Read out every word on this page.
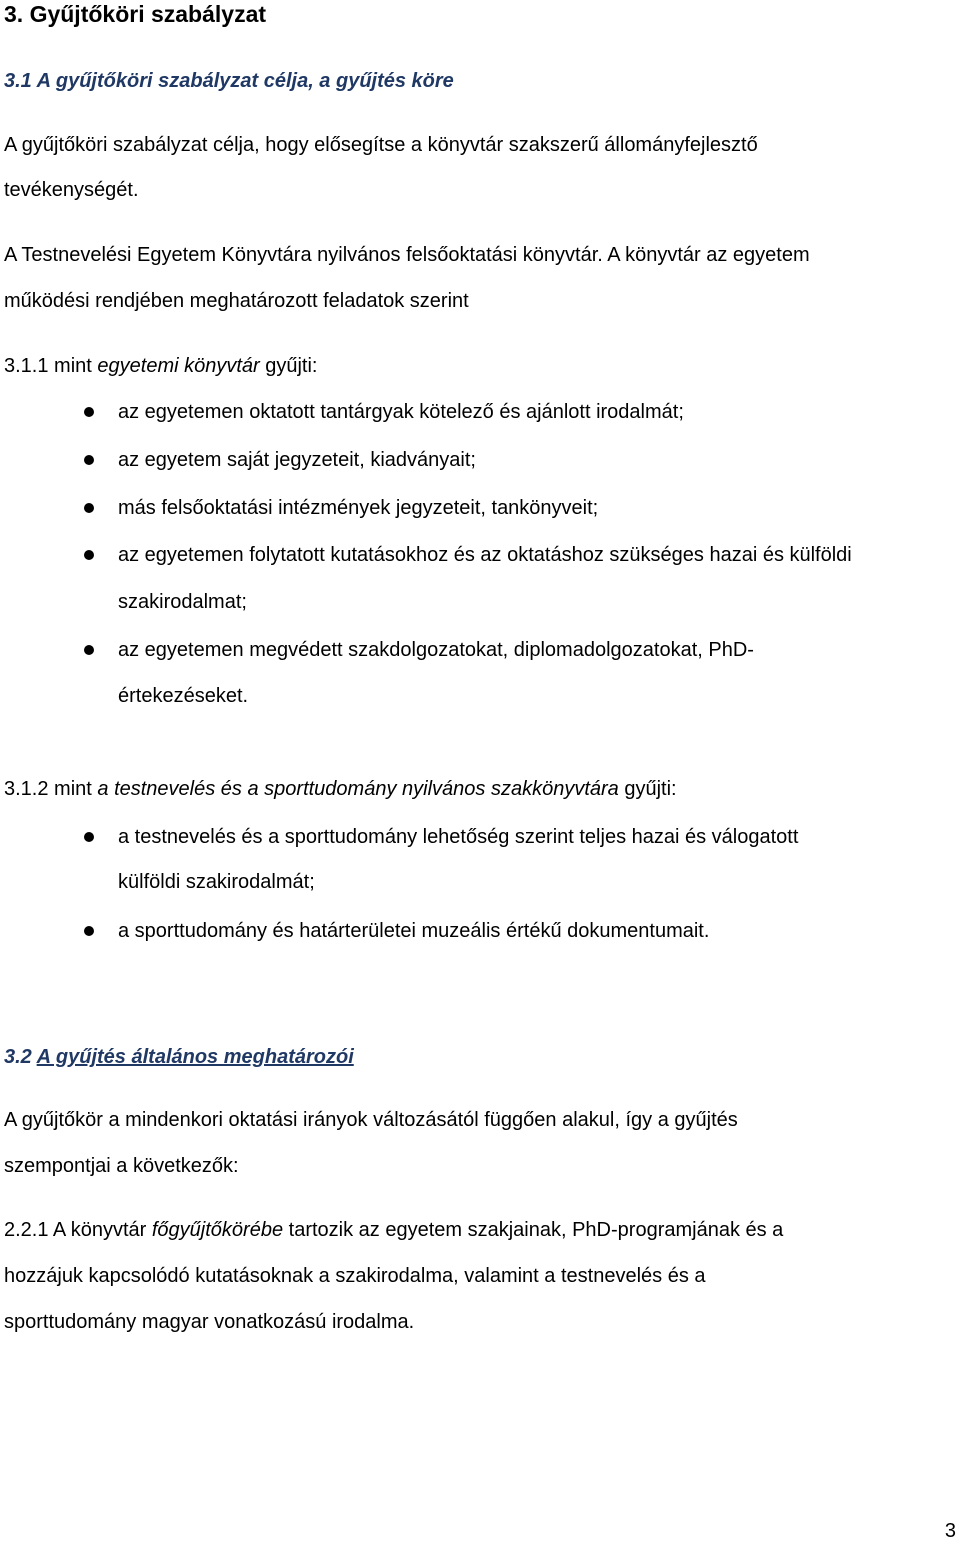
3. Gyűjtőköri szabályzat
3.1 A gyűjtőköri szabályzat célja, a gyűjtés köre
A gyűjtőköri szabályzat célja, hogy elősegítse a könyvtár szakszerű állományfejlesztő
tevékenységét.
A Testnevelési Egyetem Könyvtára nyilvános felsőoktatási könyvtár. A könyvtár az egyetem
működési rendjében meghatározott feladatok szerint
3.1.1 mint egyetemi könyvtár gyűjti:
az egyetemen oktatott tantárgyak kötelező és ajánlott irodalmát;
az egyetem saját jegyzeteit, kiadványait;
más felsőoktatási intézmények jegyzeteit, tankönyveit;
az egyetemen folytatott kutatásokhoz és az oktatáshoz szükséges hazai és külföldi
szakirodalmat;
az egyetemen megvédett szakdolgozatokat, diplomadolgozatokat, PhD-
értekezéseket.
3.1.2 mint a testnevelés és a sporttudomány nyilvános szakkönyvtára gyűjti:
a testnevelés és a sporttudomány lehetőség szerint teljes hazai és válogatott
külföldi szakirodalmát;
a sporttudomány és határterületei muzeális értékű dokumentumait.
3.2 A gyűjtés általános meghatározói
A gyűjtőkör a mindenkori oktatási irányok változásától függően alakul, így a gyűjtés
szempontjai a következők:
2.2.1 A könyvtár főgyűjtőkörébe tartozik az egyetem szakjainak, PhD-programjának és a
hozzájuk kapcsolódó kutatásoknak a szakirodalma, valamint a testnevelés és a
sporttudomány magyar vonatkozású irodalma.
3
